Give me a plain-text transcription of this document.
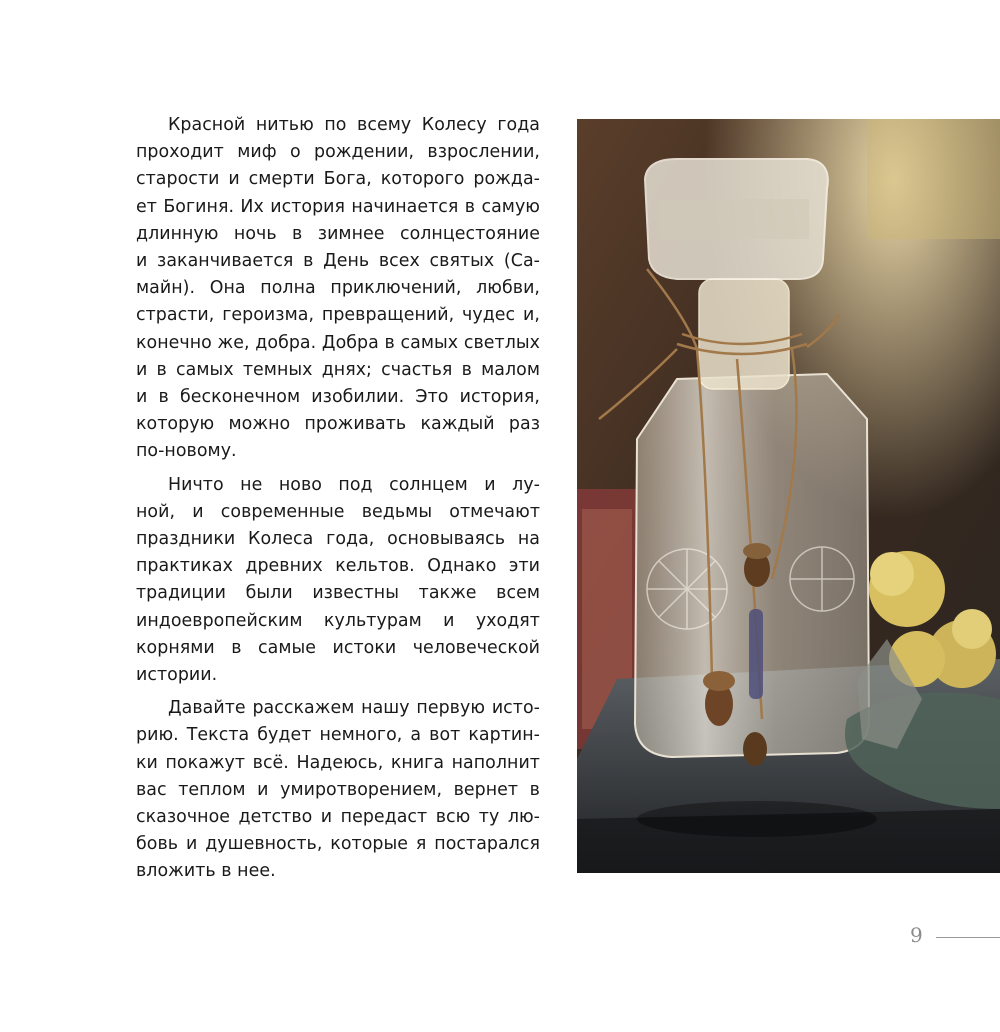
Красной нитью по всему Колесу года
проходит миф о рождении, взрослении,
старости и смерти Бога, которого рожда-
ет Богиня. Их история начинается в самую
длинную ночь в зимнее солнцестояние
и заканчивается в День всех святых (Са-
майн). Она полна приключений, любви,
страсти, героизма, превращений, чудес и,
конечно же, добра. Добра в самых светлых
и в самых темных днях; счастья в малом
и в бесконечном изобилии. Это история,
которую можно проживать каждый раз
по-новому.

Ничто не ново под солнцем и лу-
ной, и современные ведьмы отмечают
праздники Колеса года, основываясь на
практиках древних кельтов. Однако эти
традиции были известны также всем
индоевропейским культурам и уходят
корнями в самые истоки человеческой
истории.

Давайте расскажем нашу первую исто-
рию. Текста будет немного, а вот картин-
ки покажут всё. Надеюсь, книга наполнит
вас теплом и умиротворением, вернет в
сказочное детство и передаст всю ту лю-
бовь и душевность, которые я постарался
вложить в нее.

9
